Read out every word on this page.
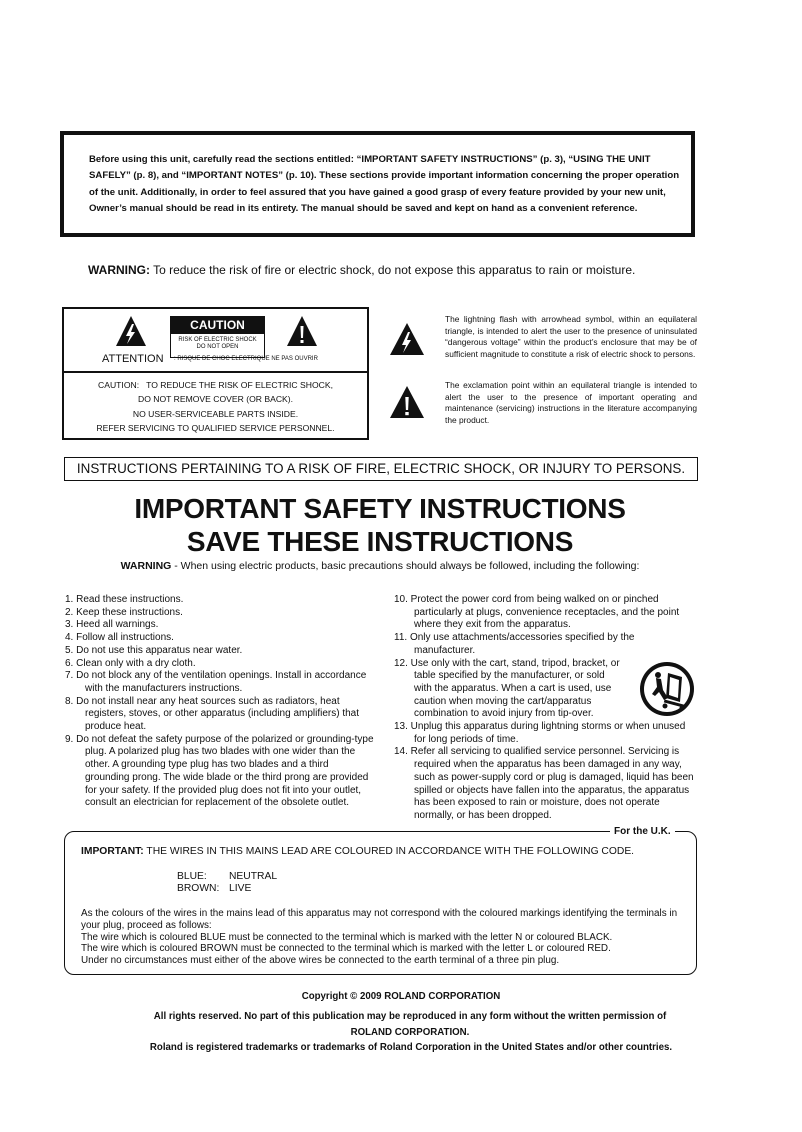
Before using this unit, carefully read the sections entitled: “IMPORTANT SAFETY INSTRUCTIONS” (p. 3), “USING THE UNIT SAFELY” (p. 8), and “IMPORTANT NOTES” (p. 10). These sections provide important information concerning the proper operation of the unit. Additionally, in order to feel assured that you have gained a good grasp of every feature provided by your new unit, Owner’s manual should be read in its entirety. The manual should be saved and kept on hand as a convenient reference.
WARNING: To reduce the risk of fire or electric shock, do not expose this apparatus to rain or moisture.
CAUTION
RISK OF ELECTRIC SHOCK
DO NOT OPEN
ATTENTION : RISQUE DE CHOC ELECTRIQUE NE PAS OUVRIR
CAUTION:   TO REDUCE THE RISK OF ELECTRIC SHOCK,
DO NOT REMOVE COVER (OR BACK).
NO USER-SERVICEABLE PARTS INSIDE.
REFER SERVICING TO QUALIFIED SERVICE PERSONNEL.
The lightning flash with arrowhead symbol, within an equilateral triangle, is intended to alert the user to the presence of uninsulated “dangerous voltage” within the product’s enclosure that may be of sufficient magnitude to constitute a risk of electric shock to persons.
The exclamation point within an equilateral triangle is intended to alert the user to the presence of important operating and maintenance (servicing) instructions in the literature accompanying the product.
INSTRUCTIONS PERTAINING TO A RISK OF FIRE, ELECTRIC SHOCK, OR INJURY TO PERSONS.
IMPORTANT SAFETY INSTRUCTIONS
SAVE THESE INSTRUCTIONS
WARNING - When using electric products, basic precautions should always be followed, including the following:
1. Read these instructions.
2. Keep these instructions.
3. Heed all warnings.
4. Follow all instructions.
5. Do not use this apparatus near water.
6. Clean only with a dry cloth.
7. Do not block any of the ventilation openings. Install in accordance with the manufacturers instructions.
8. Do not install near any heat sources such as radiators, heat registers, stoves, or other apparatus (including amplifiers) that produce heat.
9. Do not defeat the safety purpose of the polarized or grounding-type plug. A polarized plug has two blades with one wider than the other. A grounding type plug has two blades and a third grounding prong. The wide blade or the third prong are provided for your safety. If the provided plug does not fit into your outlet, consult an electrician for replacement of the obsolete outlet.
10. Protect the power cord from being walked on or pinched particularly at plugs, convenience receptacles, and the point where they exit from the apparatus.
11. Only use attachments/accessories specified by the manufacturer.
12. Use only with the cart, stand, tripod, bracket, or table specified by the manufacturer, or sold with the apparatus. When a cart is used, use caution when moving the cart/apparatus combination to avoid injury from tip-over.
13. Unplug this apparatus during lightning storms or when unused for long periods of time.
14. Refer all servicing to qualified service personnel. Servicing is required when the apparatus has been damaged in any way, such as power-supply cord or plug is damaged, liquid has been spilled or objects have fallen into the apparatus, the apparatus has been exposed to rain or moisture, does not operate normally, or has been dropped.
For the U.K.
IMPORTANT: THE WIRES IN THIS MAINS LEAD ARE COLOURED IN ACCORDANCE WITH THE FOLLOWING CODE.
BLUE: NEUTRAL
BROWN: LIVE
As the colours of the wires in the mains lead of this apparatus may not correspond with the coloured markings identifying the terminals in your plug, proceed as follows:
The wire which is coloured BLUE must be connected to the terminal which is marked with the letter N or coloured BLACK.
The wire which is coloured BROWN must be connected to the terminal which is marked with the letter L or coloured RED.
Under no circumstances must either of the above wires be connected to the earth terminal of a three pin plug.
Copyright © 2009 ROLAND CORPORATION
All rights reserved. No part of this publication may be reproduced in any form without the written permission of ROLAND CORPORATION.
Roland is registered trademarks or trademarks of Roland Corporation in the United States and/or other countries.
